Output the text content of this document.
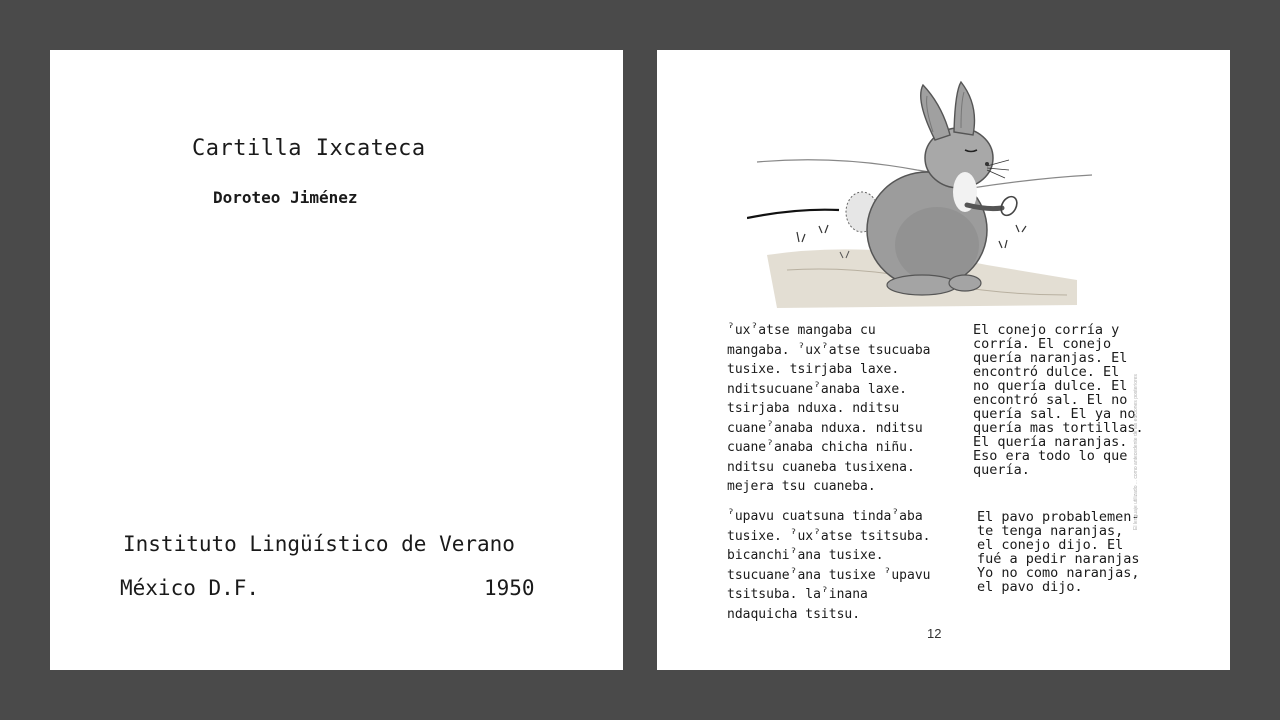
Cartilla Ixcateca
Doroteo Jiménez
Instituto Lingüístico de Verano
México D.F.	1950
ˀuxˀatse mangaba cu
mangaba. ˀuxˀatse tsucuaba
tusixe. tsirjaba laxe.
nditsucuaneˀanaba laxe.
tsirjaba nduxa. nditsu
cuaneˀanaba nduxa. nditsu
cuaneˀanaba chicha niñu.
nditsu cuaneba tusixena.
mejera tsu cuaneba.
El conejo corría y
corría. El conejo
quería naranjas. El
encontró dulce. El
no quería dulce. El
encontró sal. El no
quería sal. El ya no
quería mas tortillas.
El quería naranjas.
Eso era todo lo que
quería.
ˀupavu cuatsuna tindaˀaba
tusixe. ˀuxˀatse tsitsuba.
bicanchiˀana tusixe.
tsucuaneˀana tusixe ˀupavu
tsitsuba. laˀinana
ndaquicha tsitsu.
El pavo probablemen-
te tenga naranjas,
el conejo dijo. El
fué a pedir naranjas
Yo no como naranjas,
el pavo dijo.
12
El lenguaje utilizado ... como antecedente de las ediciones posteriores
